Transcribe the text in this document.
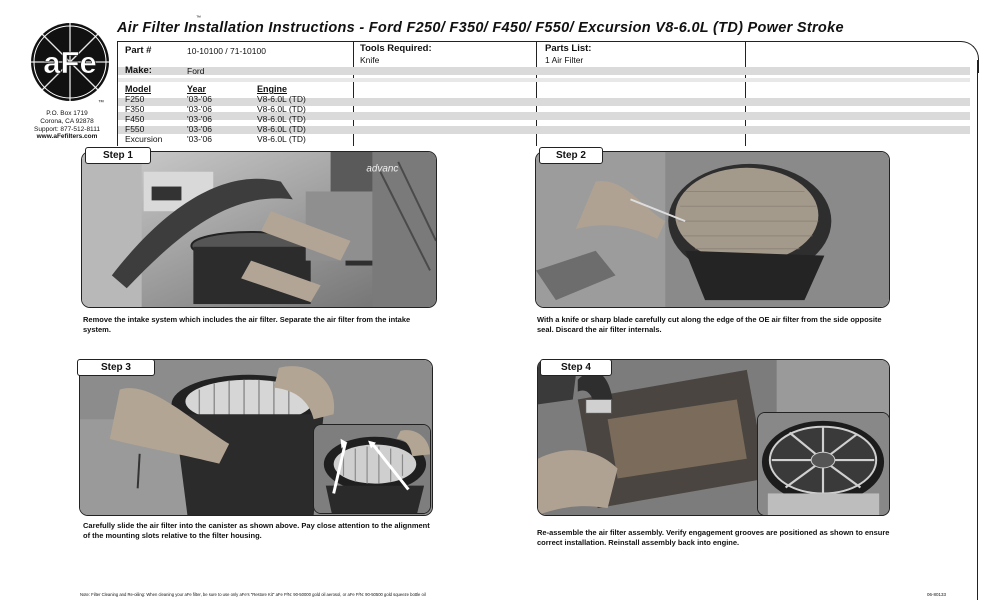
aFe
™
P.O. Box 1719
Corona, CA 92878
Support: 877-512-8111
www.aFefilters.com
Air Filter Installation Instructions - Ford F250/ F350/ F450/ F550/ Excursion V8-6.0L (TD) Power Stroke
™
Part #	10-10100 / 71-10100
Make:	Ford
Tools Required:
Knife
Parts List:
1 Air Filter
Model	Year	Engine
F250	'03-'06	V8-6.0L (TD)
F350	'03-'06	V8-6.0L (TD)
F450	'03-'06	V8-6.0L (TD)
F550	'03-'06	V8-6.0L (TD)
Excursion	'03-'06	V8-6.0L (TD)
advanc
Step 1
Remove the intake system which includes the air filter. Separate the air filter from the intake system.
Step 2
With a knife or sharp blade carefully cut along the edge of the OE air filter from the side opposite seal. Discard the air filter internals.
Step 3
Carefully slide the air filter into the canister as shown above. Pay close attention to the alignment of the mounting slots relative to the filter housing.
Step 4
Re-assemble the air filter assembly. Verify engagement grooves are positioned as shown to ensure correct installation. Reinstall assembly back into engine.
Note: Filter Cleaning and Re-oiling: When cleaning your aFe filter, be sure to use only aFe's "Restore Kit" aFe P/N: 90-50000 gold oil aerosol, or aFe P/N: 90-50500 gold squeeze bottle oil	06-80133
